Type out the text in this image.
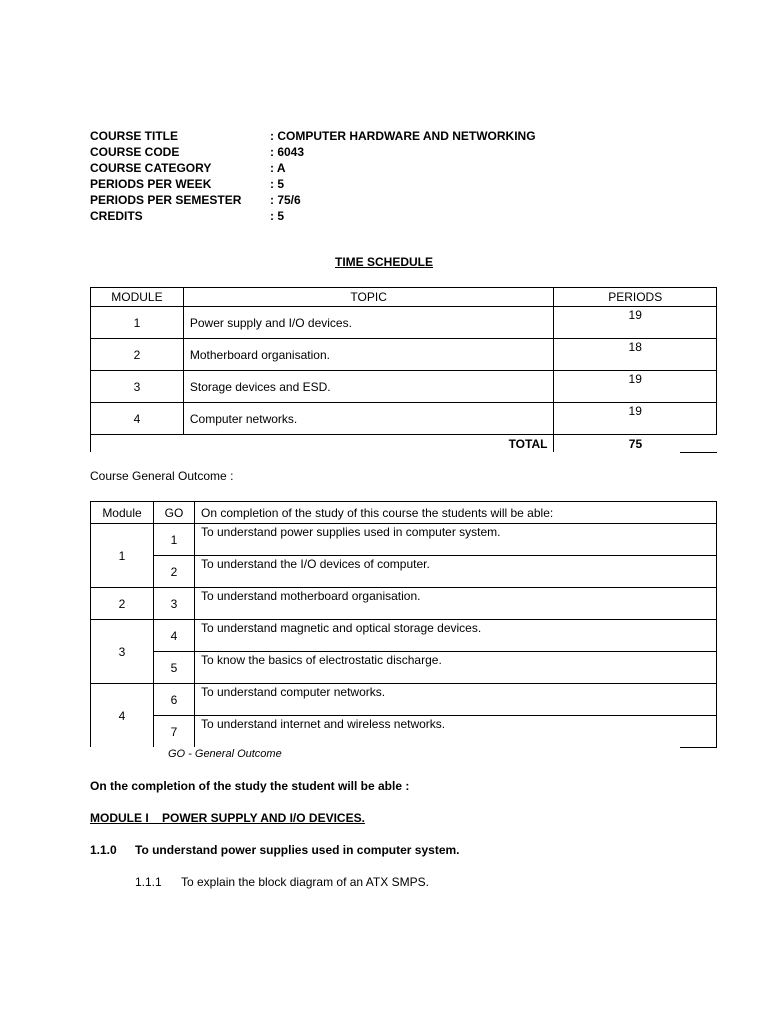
COURSE TITLE	: COMPUTER HARDWARE AND NETWORKING
COURSE CODE	: 6043
COURSE CATEGORY	: A
PERIODS PER WEEK	: 5
PERIODS PER SEMESTER	: 75/6
CREDITS	: 5
TIME SCHEDULE
MODULE	TOPIC	PERIODS
1	Power supply and I/O devices.	19

2	Motherboard organisation.	18

3	Storage devices and ESD.	19

4	Computer networks.	19

TOTAL		75
Course General Outcome :
Module	GO	On completion of the study of this course the students will be able:
1	1	To understand power supplies used in computer system.
	2	To understand the I/O devices of computer.
2	3	To understand motherboard organisation.
3	4	To understand magnetic and optical storage devices.
	5	To know the basics of electrostatic discharge.
4	6	To understand computer networks.
	7	To understand internet and wireless networks.
GO - General Outcome
On the completion of the study the student will be able :
MODULE I    POWER SUPPLY AND I/O DEVICES.
1.1.0 To understand power supplies used in computer system.
1.1.1 To explain the block diagram of an ATX SMPS.
